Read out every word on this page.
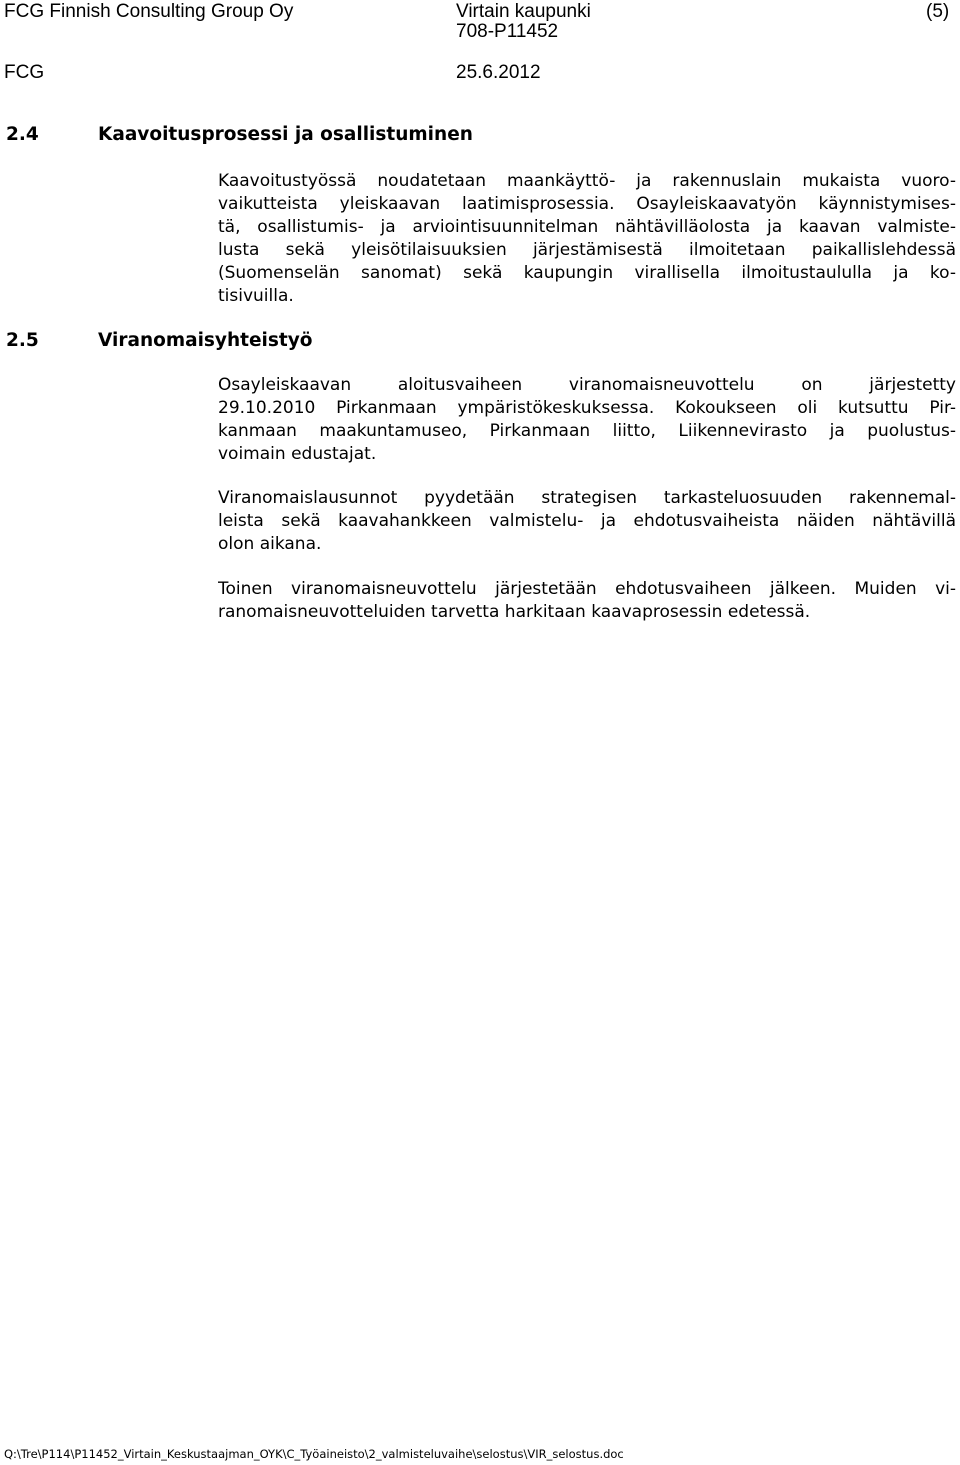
FCG Finnish Consulting Group Oy	Virtain kaupunki	(5)
708-P11452
FCG	25.6.2012
2.4	Kaavoitusprosessi ja osallistuminen
Kaavoitustyössä noudatetaan maankäyttö- ja rakennuslain mukaista vuoro-
vaikutteista yleiskaavan laatimisprosessia. Osayleiskaavatyön käynnistymises-
tä, osallistumis- ja arviointisuunnitelman nähtävilläolosta ja kaavan valmiste-
lusta sekä yleisötilaisuuksien järjestämisestä ilmoitetaan paikallislehdessä
(Suomenselän sanomat) sekä kaupungin virallisella ilmoitustaululla ja ko-
tisivuilla.
2.5	Viranomaisyhteistyö
Osayleiskaavan aloitusvaiheen viranomaisneuvottelu on järjestetty
29.10.2010 Pirkanmaan ympäristökeskuksessa. Kokoukseen oli kutsuttu Pir-
kanmaan maakuntamuseo, Pirkanmaan liitto, Liikennevirasto ja puolustus-
voimain edustajat.
Viranomaislausunnot pyydetään strategisen tarkasteluosuuden rakennemal-
leista sekä kaavahankkeen valmistelu- ja ehdotusvaiheista näiden nähtävillä
olon aikana.
Toinen viranomaisneuvottelu järjestetään ehdotusvaiheen jälkeen. Muiden vi-
ranomaisneuvotteluiden tarvetta harkitaan kaavaprosessin edetessä.
Q:\Tre\P114\P11452_Virtain_Keskustaajman_OYK\C_Työaineisto\2_valmisteluvaihe\selostus\VIR_selostus.doc
